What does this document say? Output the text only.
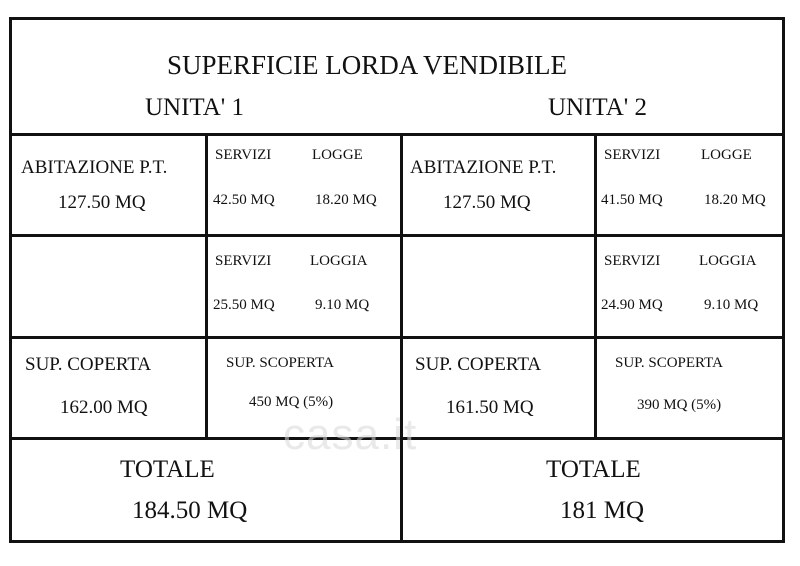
SUPERFICIE LORDA VENDIBILE
UNITA' 1	UNITA' 2
ABITAZIONE P.T.
127.50 MQ
SERVIZI	LOGGE
42.50 MQ	18.20 MQ
SERVIZI	LOGGIA
25.50 MQ	9.10 MQ
SUP. COPERTA
162.00 MQ
SUP. SCOPERTA
450 MQ (5%)
TOTALE
184.50 MQ
ABITAZIONE P.T.
127.50 MQ
SERVIZI	LOGGE
41.50 MQ	18.20 MQ
SERVIZI	LOGGIA
24.90 MQ	9.10 MQ
SUP. COPERTA
161.50 MQ
SUP. SCOPERTA
390 MQ (5%)
TOTALE
181 MQ
casa.it
